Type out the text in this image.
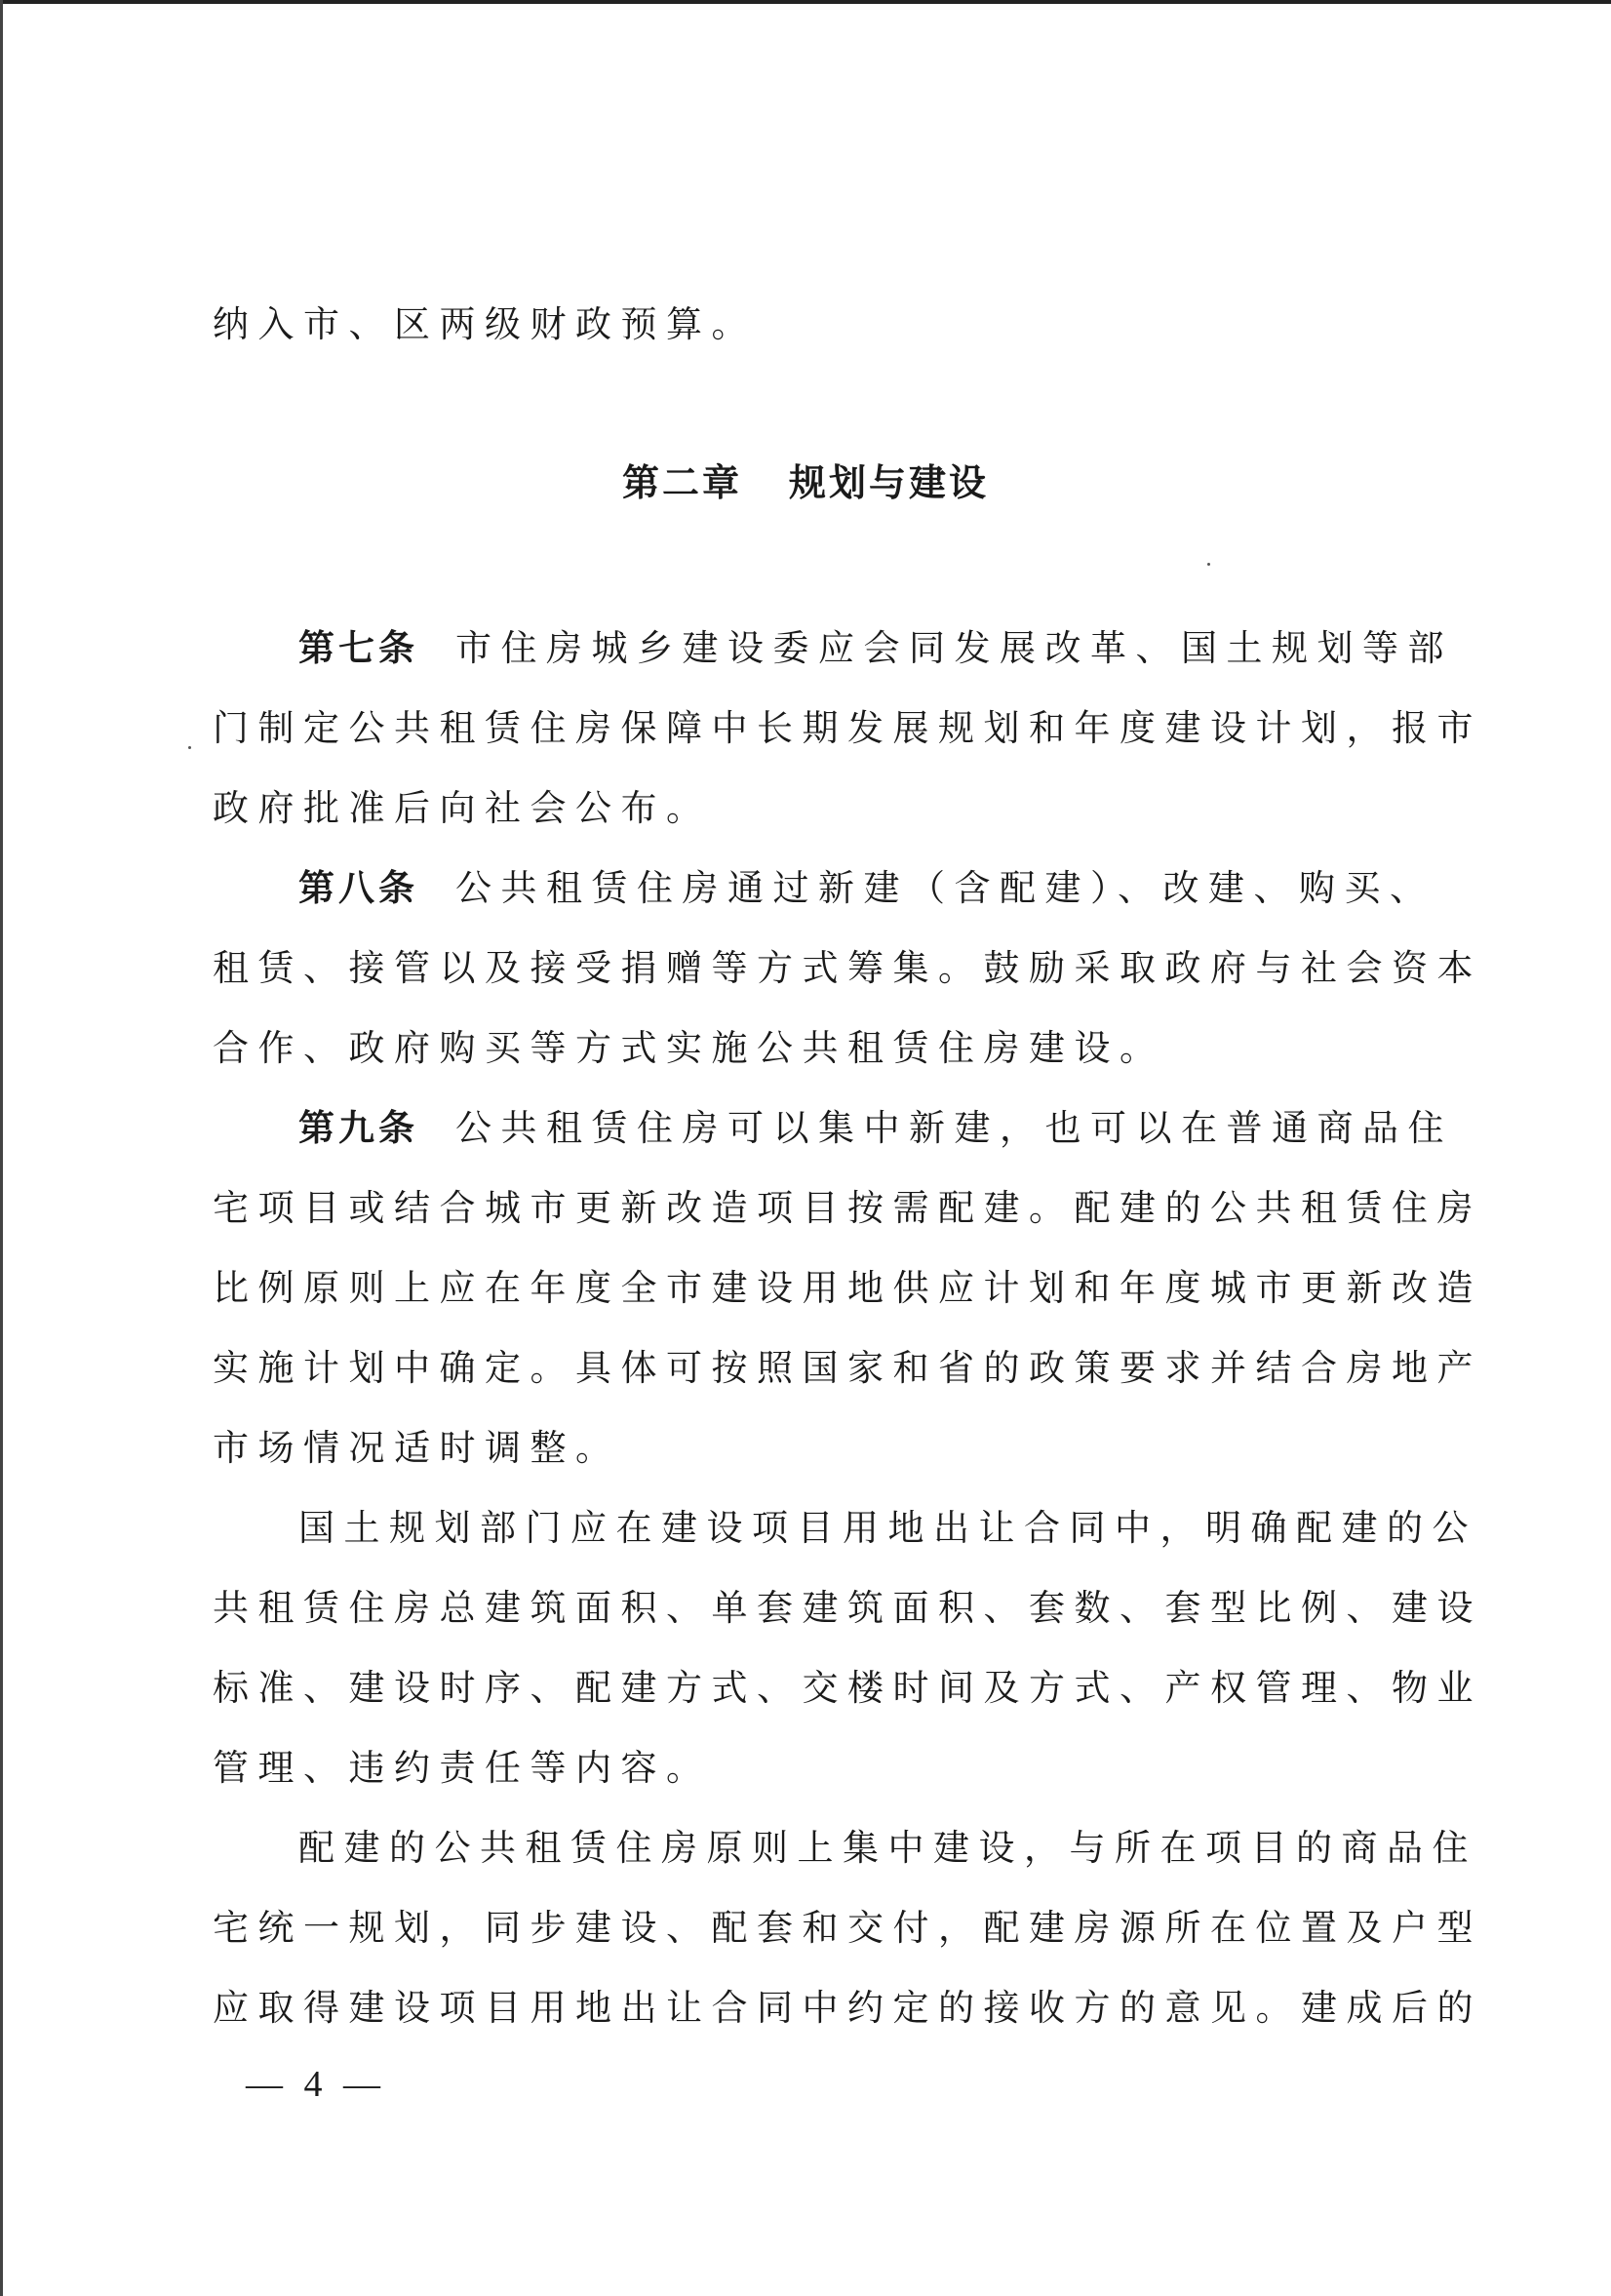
纳入市、区两级财政预算。

第二章 规划与建设

第七条 市住房城乡建设委应会同发展改革、国土规划等部

门制定公共租赁住房保障中长期发展规划和年度建设计划，报市

政府批准后向社会公布。

第八条 公共租赁住房通过新建（含配建）、改建、购买、

租赁、接管以及接受捐赠等方式筹集。鼓励采取政府与社会资本

合作、政府购买等方式实施公共租赁住房建设。

第九条 公共租赁住房可以集中新建，也可以在普通商品住

宅项目或结合城市更新改造项目按需配建。配建的公共租赁住房

比例原则上应在年度全市建设用地供应计划和年度城市更新改造

实施计划中确定。具体可按照国家和省的政策要求并结合房地产

市场情况适时调整。

国土规划部门应在建设项目用地出让合同中，明确配建的公

共租赁住房总建筑面积、单套建筑面积、套数、套型比例、建设

标准、建设时序、配建方式、交楼时间及方式、产权管理、物业

管理、违约责任等内容。

配建的公共租赁住房原则上集中建设，与所在项目的商品住

宅统一规划，同步建设、配套和交付，配建房源所在位置及户型

应取得建设项目用地出让合同中约定的接收方的意见。建成后的

— 4 —
